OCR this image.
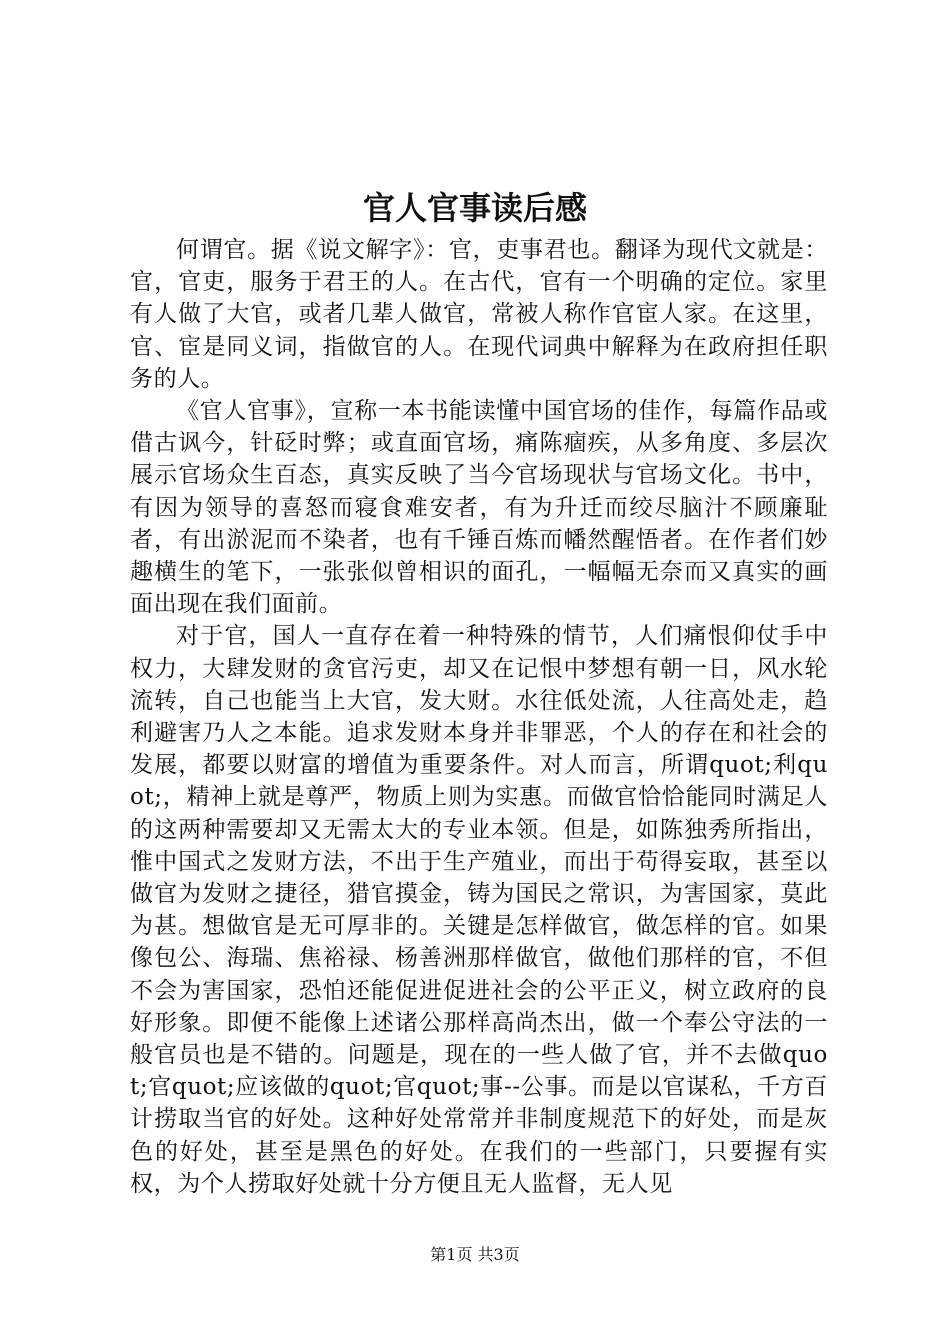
官人官事读后感

何谓官。据《说文解字》：官，吏事君也。翻译为现代文就是：官，官吏，服务于君王的人。在古代，官有一个明确的定位。家里有人做了大官，或者几辈人做官，常被人称作官宦人家。在这里，官、宦是同义词，指做官的人。在现代词典中解释为在政府担任职务的人。

《官人官事》，宣称一本书能读懂中国官场的佳作，每篇作品或借古讽今，针砭时弊；或直面官场，痛陈痼疾，从多角度、多层次展示官场众生百态，真实反映了当今官场现状与官场文化。书中，有因为领导的喜怒而寝食难安者，有为升迁而绞尽脑汁不顾廉耻者，有出淤泥而不染者，也有千锤百炼而幡然醒悟者。在作者们妙趣横生的笔下，一张张似曾相识的面孔，一幅幅无奈而又真实的画面出现在我们面前。

对于官，国人一直存在着一种特殊的情节，人们痛恨仰仗手中权力，大肆发财的贪官污吏，却又在记恨中梦想有朝一日，风水轮流转，自己也能当上大官，发大财。水往低处流，人往高处走，趋利避害乃人之本能。追求发财本身并非罪恶，个人的存在和社会的发展，都要以财富的增值为重要条件。对人而言，所谓quot;利quot;，精神上就是尊严，物质上则为实惠。而做官恰恰能同时满足人的这两种需要却又无需太大的专业本领。但是，如陈独秀所指出，惟中国式之发财方法，不出于生产殖业，而出于苟得妄取，甚至以做官为发财之捷径，猎官摸金，铸为国民之常识，为害国家，莫此为甚。想做官是无可厚非的。关键是怎样做官，做怎样的官。如果像包公、海瑞、焦裕禄、杨善洲那样做官，做他们那样的官，不但不会为害国家，恐怕还能促进促进社会的公平正义，树立政府的良好形象。即便不能像上述诸公那样高尚杰出，做一个奉公守法的一般官员也是不错的。问题是，现在的一些人做了官，并不去做quot;官quot;应该做的quot;官quot;事--公事。而是以官谋私，千方百计捞取当官的好处。这种好处常常并非制度规范下的好处，而是灰色的好处，甚至是黑色的好处。在我们的一些部门，只要握有实权，为个人捞取好处就十分方便且无人监督，无人见

第1页 共3页
